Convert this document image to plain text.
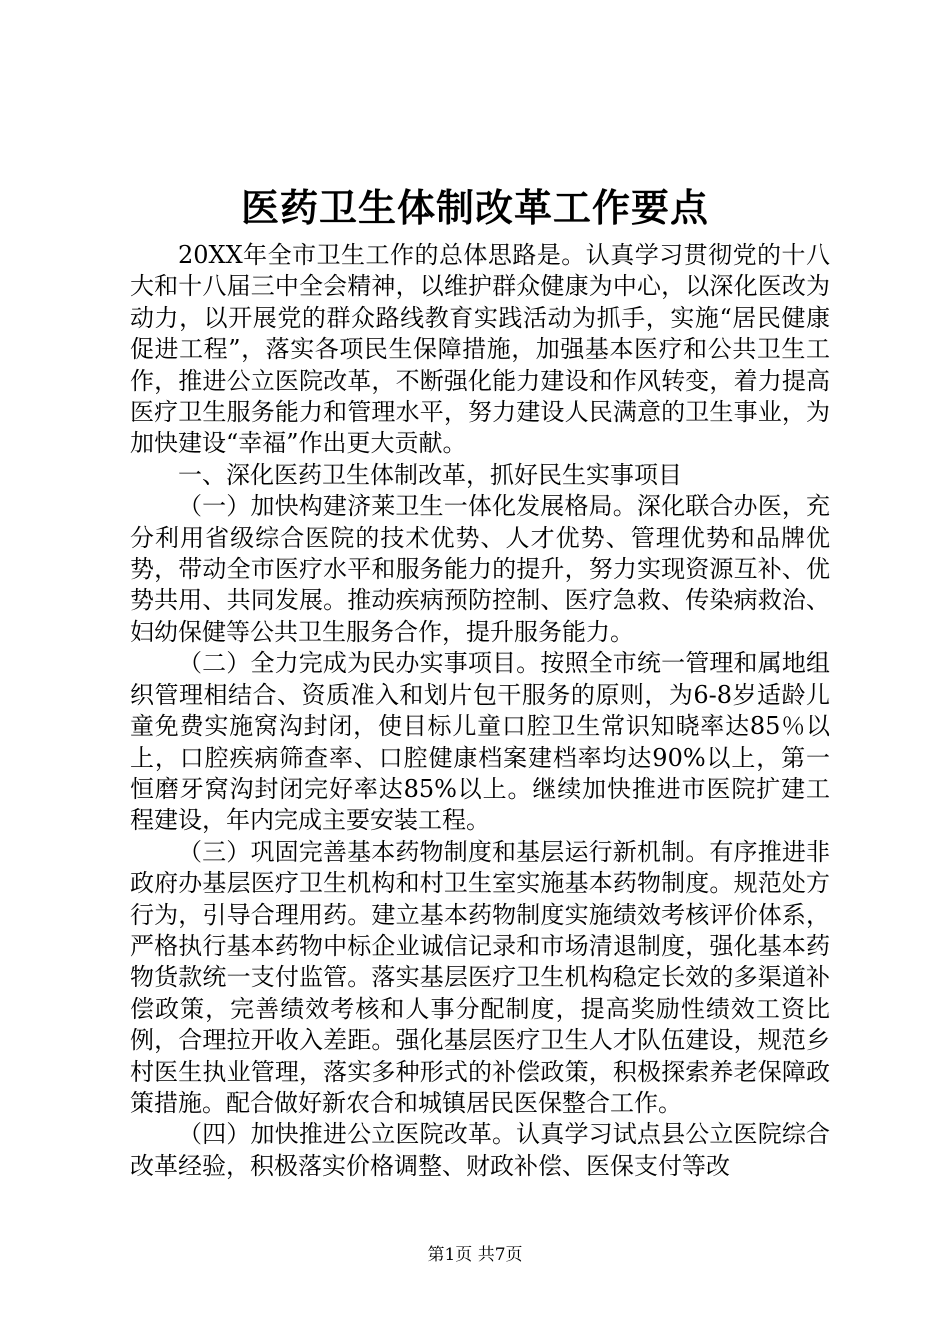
医药卫生体制改革工作要点

20XX年全市卫生工作的总体思路是。认真学习贯彻党的十八大和十八届三中全会精神，以维护群众健康为中心，以深化医改为动力，以开展党的群众路线教育实践活动为抓手，实施“居民健康促进工程”，落实各项民生保障措施，加强基本医疗和公共卫生工作，推进公立医院改革，不断强化能力建设和作风转变，着力提高医疗卫生服务能力和管理水平，努力建设人民满意的卫生事业，为加快建设“幸福”作出更大贡献。

一、深化医药卫生体制改革，抓好民生实事项目

（一）加快构建济莱卫生一体化发展格局。深化联合办医，充分利用省级综合医院的技术优势、人才优势、管理优势和品牌优势，带动全市医疗水平和服务能力的提升，努力实现资源互补、优势共用、共同发展。推动疾病预防控制、医疗急救、传染病救治、妇幼保健等公共卫生服务合作，提升服务能力。

（二）全力完成为民办实事项目。按照全市统一管理和属地组织管理相结合、资质准入和划片包干服务的原则，为6-8岁适龄儿童免费实施窝沟封闭，使目标儿童口腔卫生常识知晓率达85％以上，口腔疾病筛查率、口腔健康档案建档率均达90%以上，第一恒磨牙窝沟封闭完好率达85%以上。继续加快推进市医院扩建工程建设，年内完成主要安装工程。

（三）巩固完善基本药物制度和基层运行新机制。有序推进非政府办基层医疗卫生机构和村卫生室实施基本药物制度。规范处方行为，引导合理用药。建立基本药物制度实施绩效考核评价体系，严格执行基本药物中标企业诚信记录和市场清退制度，强化基本药物货款统一支付监管。落实基层医疗卫生机构稳定长效的多渠道补偿政策，完善绩效考核和人事分配制度，提高奖励性绩效工资比例，合理拉开收入差距。强化基层医疗卫生人才队伍建设，规范乡村医生执业管理，落实多种形式的补偿政策，积极探索养老保障政策措施。配合做好新农合和城镇居民医保整合工作。

（四）加快推进公立医院改革。认真学习试点县公立医院综合改革经验，积极落实价格调整、财政补偿、医保支付等改

第1页 共7页
